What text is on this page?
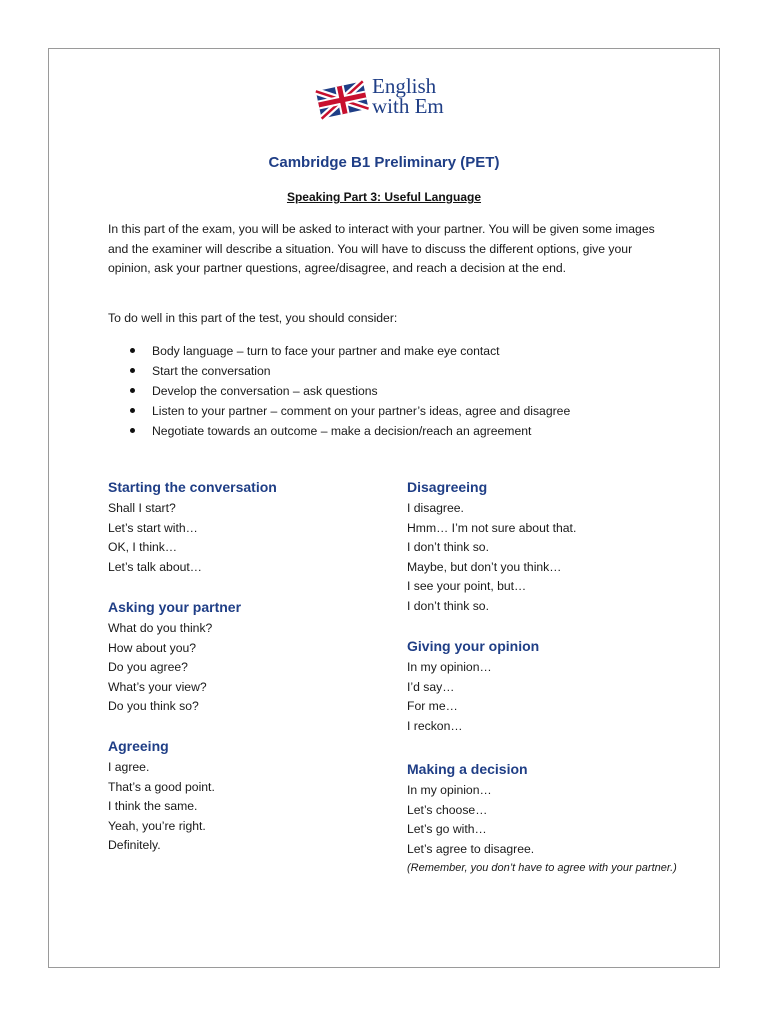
English
with Em
Cambridge B1 Preliminary (PET)
Speaking Part 3: Useful Language

In this part of the exam, you will be asked to interact with your partner. You will be given some images and the examiner will describe a situation. You will have to discuss the different options, give your opinion, ask your partner questions, agree/disagree, and reach a decision at the end.

To do well in this part of the test, you should consider:

Body language – turn to face your partner and make eye contact
Start the conversation
Develop the conversation – ask questions
Listen to your partner – comment on your partner’s ideas, agree and disagree
Negotiate towards an outcome – make a decision/reach an agreement
Starting the conversation
Shall I start?
Let’s start with…
OK, I think…
Let’s talk about…
Asking your partner
What do you think?
How about you?
Do you agree?
What’s your view?
Do you think so?
Agreeing
I agree.
That’s a good point.
I think the same.
Yeah, you’re right.
Definitely.
Disagreeing
I disagree.
Hmm… I’m not sure about that.
I don’t think so.
Maybe, but don’t you think…
I see your point, but…
I don’t think so.
Giving your opinion
In my opinion…
I’d say…
For me…
I reckon…
Making a decision
In my opinion…
Let’s choose…
Let’s go with…
Let’s agree to disagree.

(Remember, you don’t have to agree with your partner.)
